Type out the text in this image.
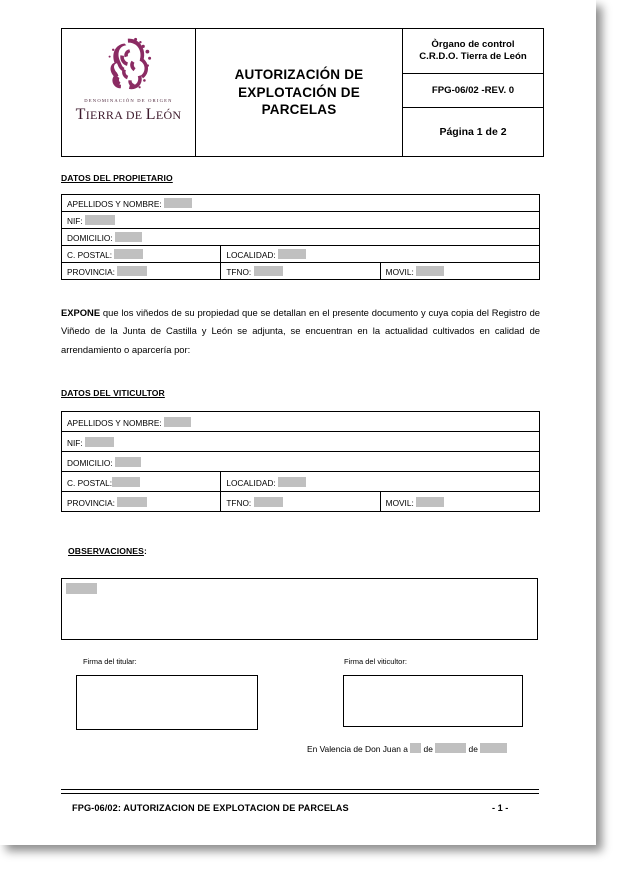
DENOMINACIÓN DE ORIGEN
TIERRA DE LEÓN

AUTORIZACIÓN DE EXPLOTACIÓN DE PARCELAS

Òrgano de control
C.R.D.O. Tierra de León

FPG-06/02 -REV. 0
Página 1 de 2
DATOS DEL PROPIETARIO
APELLIDOS Y NOMBRE:		
NIF:		
DOMICILIO:		
C. POSTAL:	LOCALIDAD:	
PROVINCIA:	TFNO:	MOVIL:
EXPONE que los viñedos de su propiedad que se detallan en el presente documento y cuya copia del Registro de Viñedo de la Junta de Castilla y León se adjunta, se encuentran en la actualidad cultivados en calidad de arrendamiento o aparcería por:
DATOS DEL VITICULTOR
APELLIDOS Y NOMBRE:		
NIF:		
DOMICILIO:		
C. POSTAL:	LOCALIDAD:	
PROVINCIA:	TFNO:	MOVIL:
OBSERVACIONES:
Firma del titular:	Firma del viticultor:
En Valencia de Don Juan a de	de
FPG-06/02: AUTORIZACION DE EXPLOTACION DE PARCELAS	- 1 -
